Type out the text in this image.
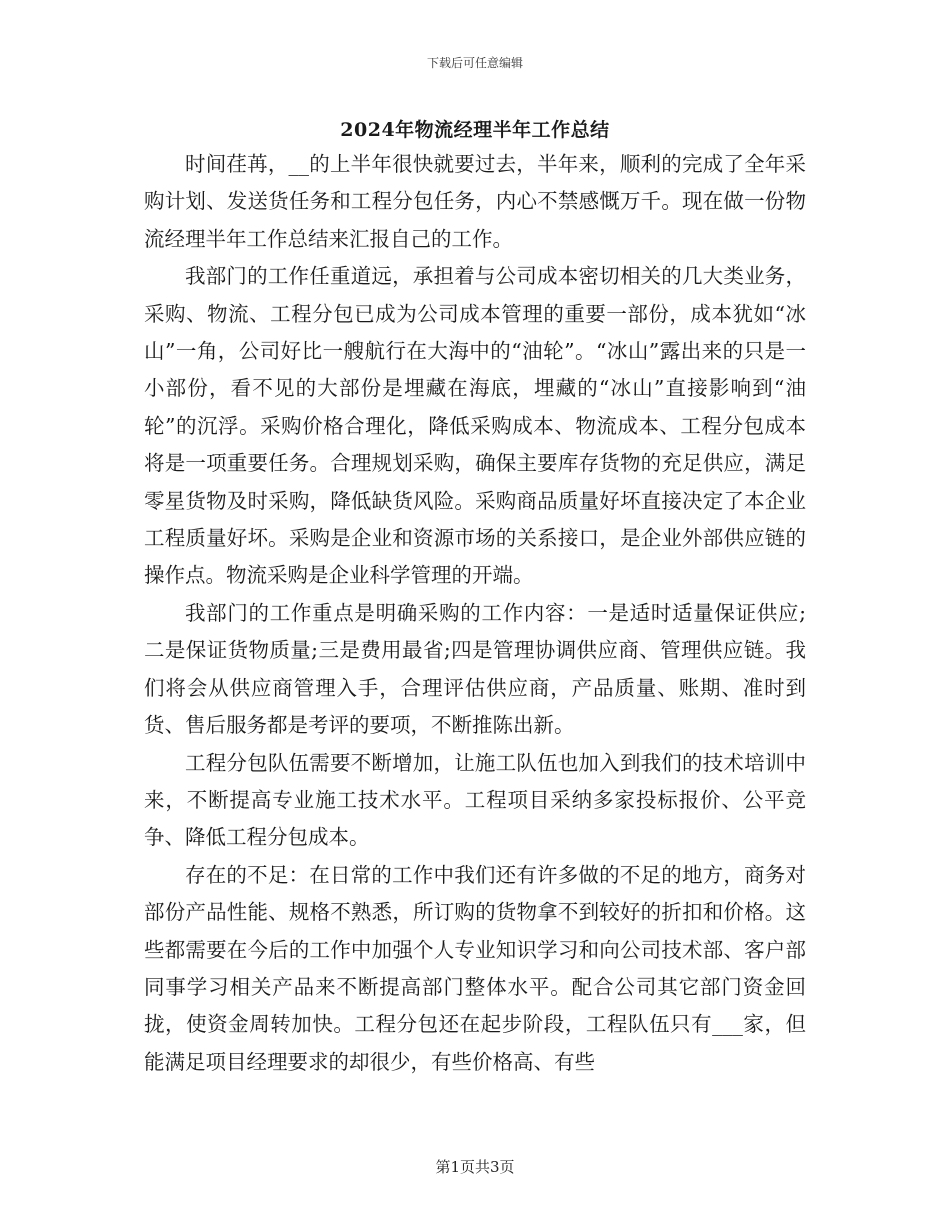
下载后可任意编辑
2024年物流经理半年工作总结

时间荏苒，__的上半年很快就要过去，半年来，顺利的完成了全年采购计划、发送货任务和工程分包任务，内心不禁感慨万千。现在做一份物流经理半年工作总结来汇报自己的工作。

我部门的工作任重道远，承担着与公司成本密切相关的几大类业务，采购、物流、工程分包已成为公司成本管理的重要一部份，成本犹如“冰山”一角，公司好比一艘航行在大海中的“油轮”。“冰山”露出来的只是一小部份，看不见的大部份是埋藏在海底，埋藏的“冰山”直接影响到“油轮”的沉浮。采购价格合理化，降低采购成本、物流成本、工程分包成本将是一项重要任务。合理规划采购，确保主要库存货物的充足供应，满足零星货物及时采购，降低缺货风险。采购商品质量好坏直接决定了本企业工程质量好坏。采购是企业和资源市场的关系接口，是企业外部供应链的操作点。物流采购是企业科学管理的开端。

我部门的工作重点是明确采购的工作内容：一是适时适量保证供应;二是保证货物质量;三是费用最省;四是管理协调供应商、管理供应链。我们将会从供应商管理入手，合理评估供应商，产品质量、账期、准时到货、售后服务都是考评的要项，不断推陈出新。

工程分包队伍需要不断增加，让施工队伍也加入到我们的技术培训中来，不断提高专业施工技术水平。工程项目采纳多家投标报价、公平竞争、降低工程分包成本。

存在的不足：在日常的工作中我们还有许多做的不足的地方，商务对部份产品性能、规格不熟悉，所订购的货物拿不到较好的折扣和价格。这些都需要在今后的工作中加强个人专业知识学习和向公司技术部、客户部同事学习相关产品来不断提高部门整体水平。配合公司其它部门资金回拢，使资金周转加快。工程分包还在起步阶段，工程队伍只有___家，但能满足项目经理要求的却很少，有些价格高、有些

第1页共3页
